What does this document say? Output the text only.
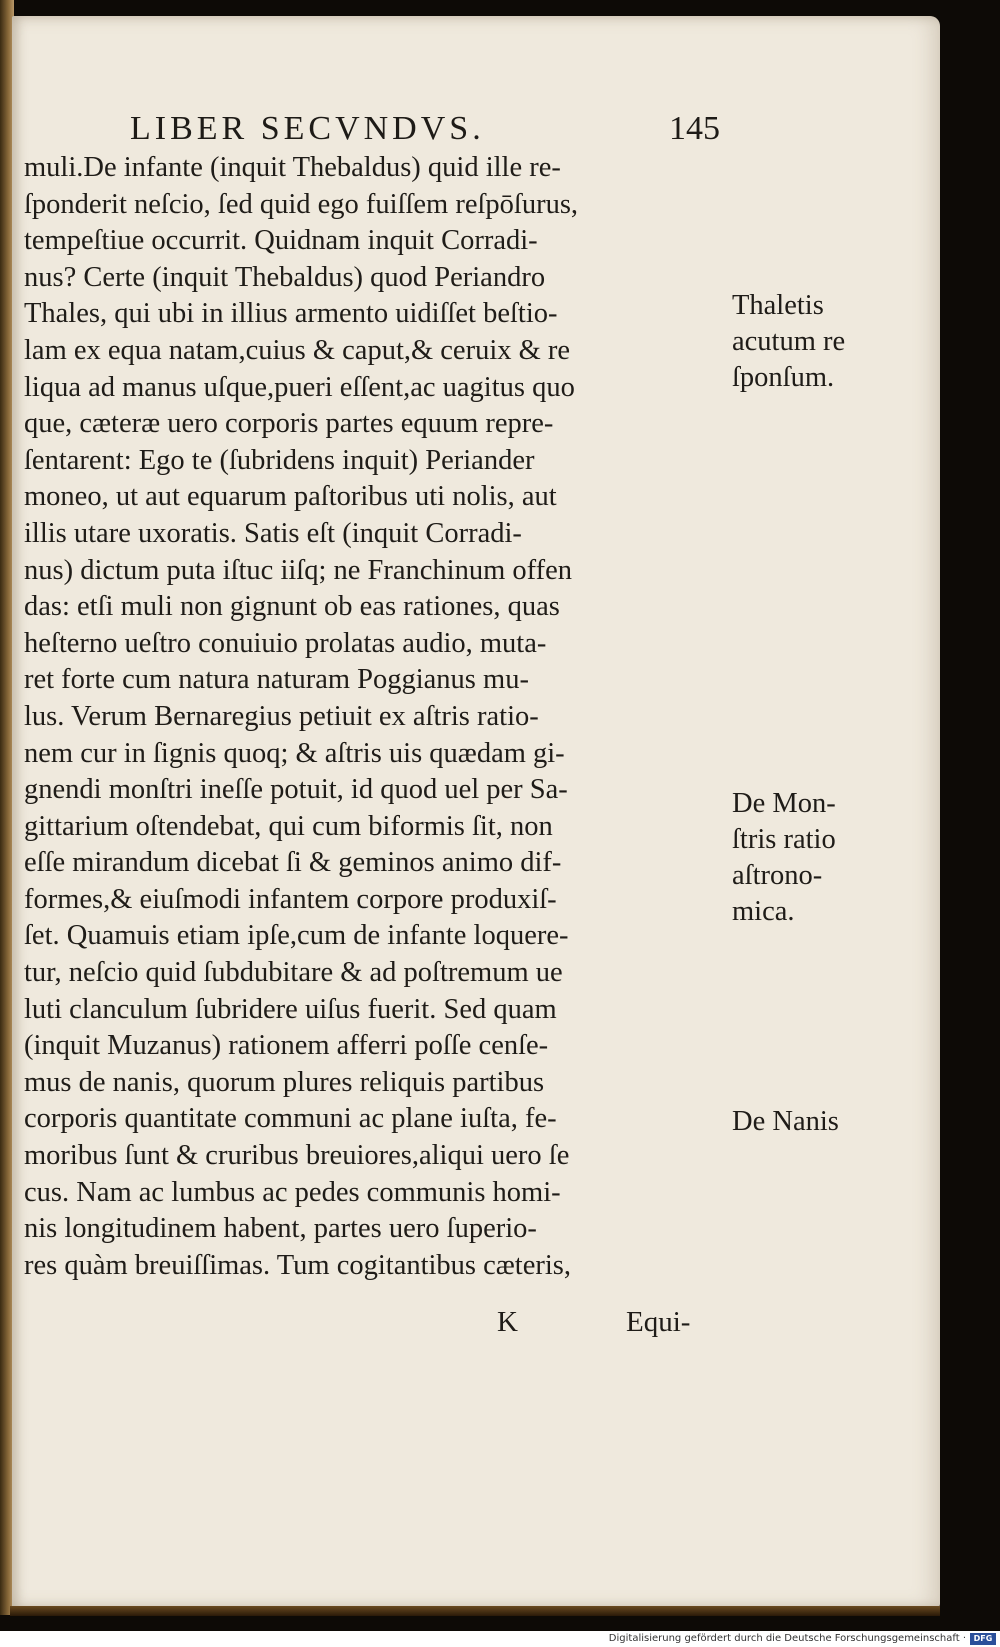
LIBER SECVNDVS.	145
muli.De infante (inquit Thebaldus) quid ille re-
ſponderit neſcio, ſed quid ego fuiſſem reſpōſurus,
tempeſtiue occurrit. Quidnam inquit Corradi-
nus? Certe (inquit Thebaldus) quod Periandro
Thales, qui ubi in illius armento uidiſſet beſtio-
lam ex equa natam,cuius & caput,& ceruix & re
liqua ad manus uſque,pueri eſſent,ac uagitus quo
que, cæteræ uero corporis partes equum repre-
ſentarent: Ego te (ſubridens inquit) Periander
moneo, ut aut equarum paſtoribus uti nolis, aut
illis utare uxoratis. Satis eſt (inquit Corradi-
nus) dictum puta iſtuc iiſq; ne Franchinum offen
das: etſi muli non gignunt ob eas rationes, quas
heſterno ueſtro conuiuio prolatas audio, muta-
ret forte cum natura naturam Poggianus mu-
lus. Verum Bernaregius petiuit ex aſtris ratio-
nem cur in ſignis quoq; & aſtris uis quædam gi-
gnendi monſtri ineſſe potuit, id quod uel per Sa-
gittarium oſtendebat, qui cum biformis ſit, non
eſſe mirandum dicebat ſi & geminos animo dif-
formes,& eiuſmodi infantem corpore produxiſ-
ſet. Quamuis etiam ipſe,cum de infante loquere-
tur, neſcio quid ſubdubitare & ad poſtremum ue
luti clanculum ſubridere uiſus fuerit. Sed quam
(inquit Muzanus) rationem afferri poſſe cenſe-
mus de nanis, quorum plures reliquis partibus
corporis quantitate communi ac plane iuſta, fe-
moribus ſunt & cruribus breuiores,aliqui uero ſe
cus. Nam ac lumbus ac pedes communis homi-
nis longitudinem habent, partes uero ſuperio-
res quàm breuiſſimas. Tum cogitantibus cæteris,
K	Equi-
Thaletis
acutum re
ſponſum.
De Mon-
ſtris ratio
aſtrono-
mica.
De Nanis
Digitalisierung gefördert durch die Deutsche Forschungsgemeinschaft · DFG
